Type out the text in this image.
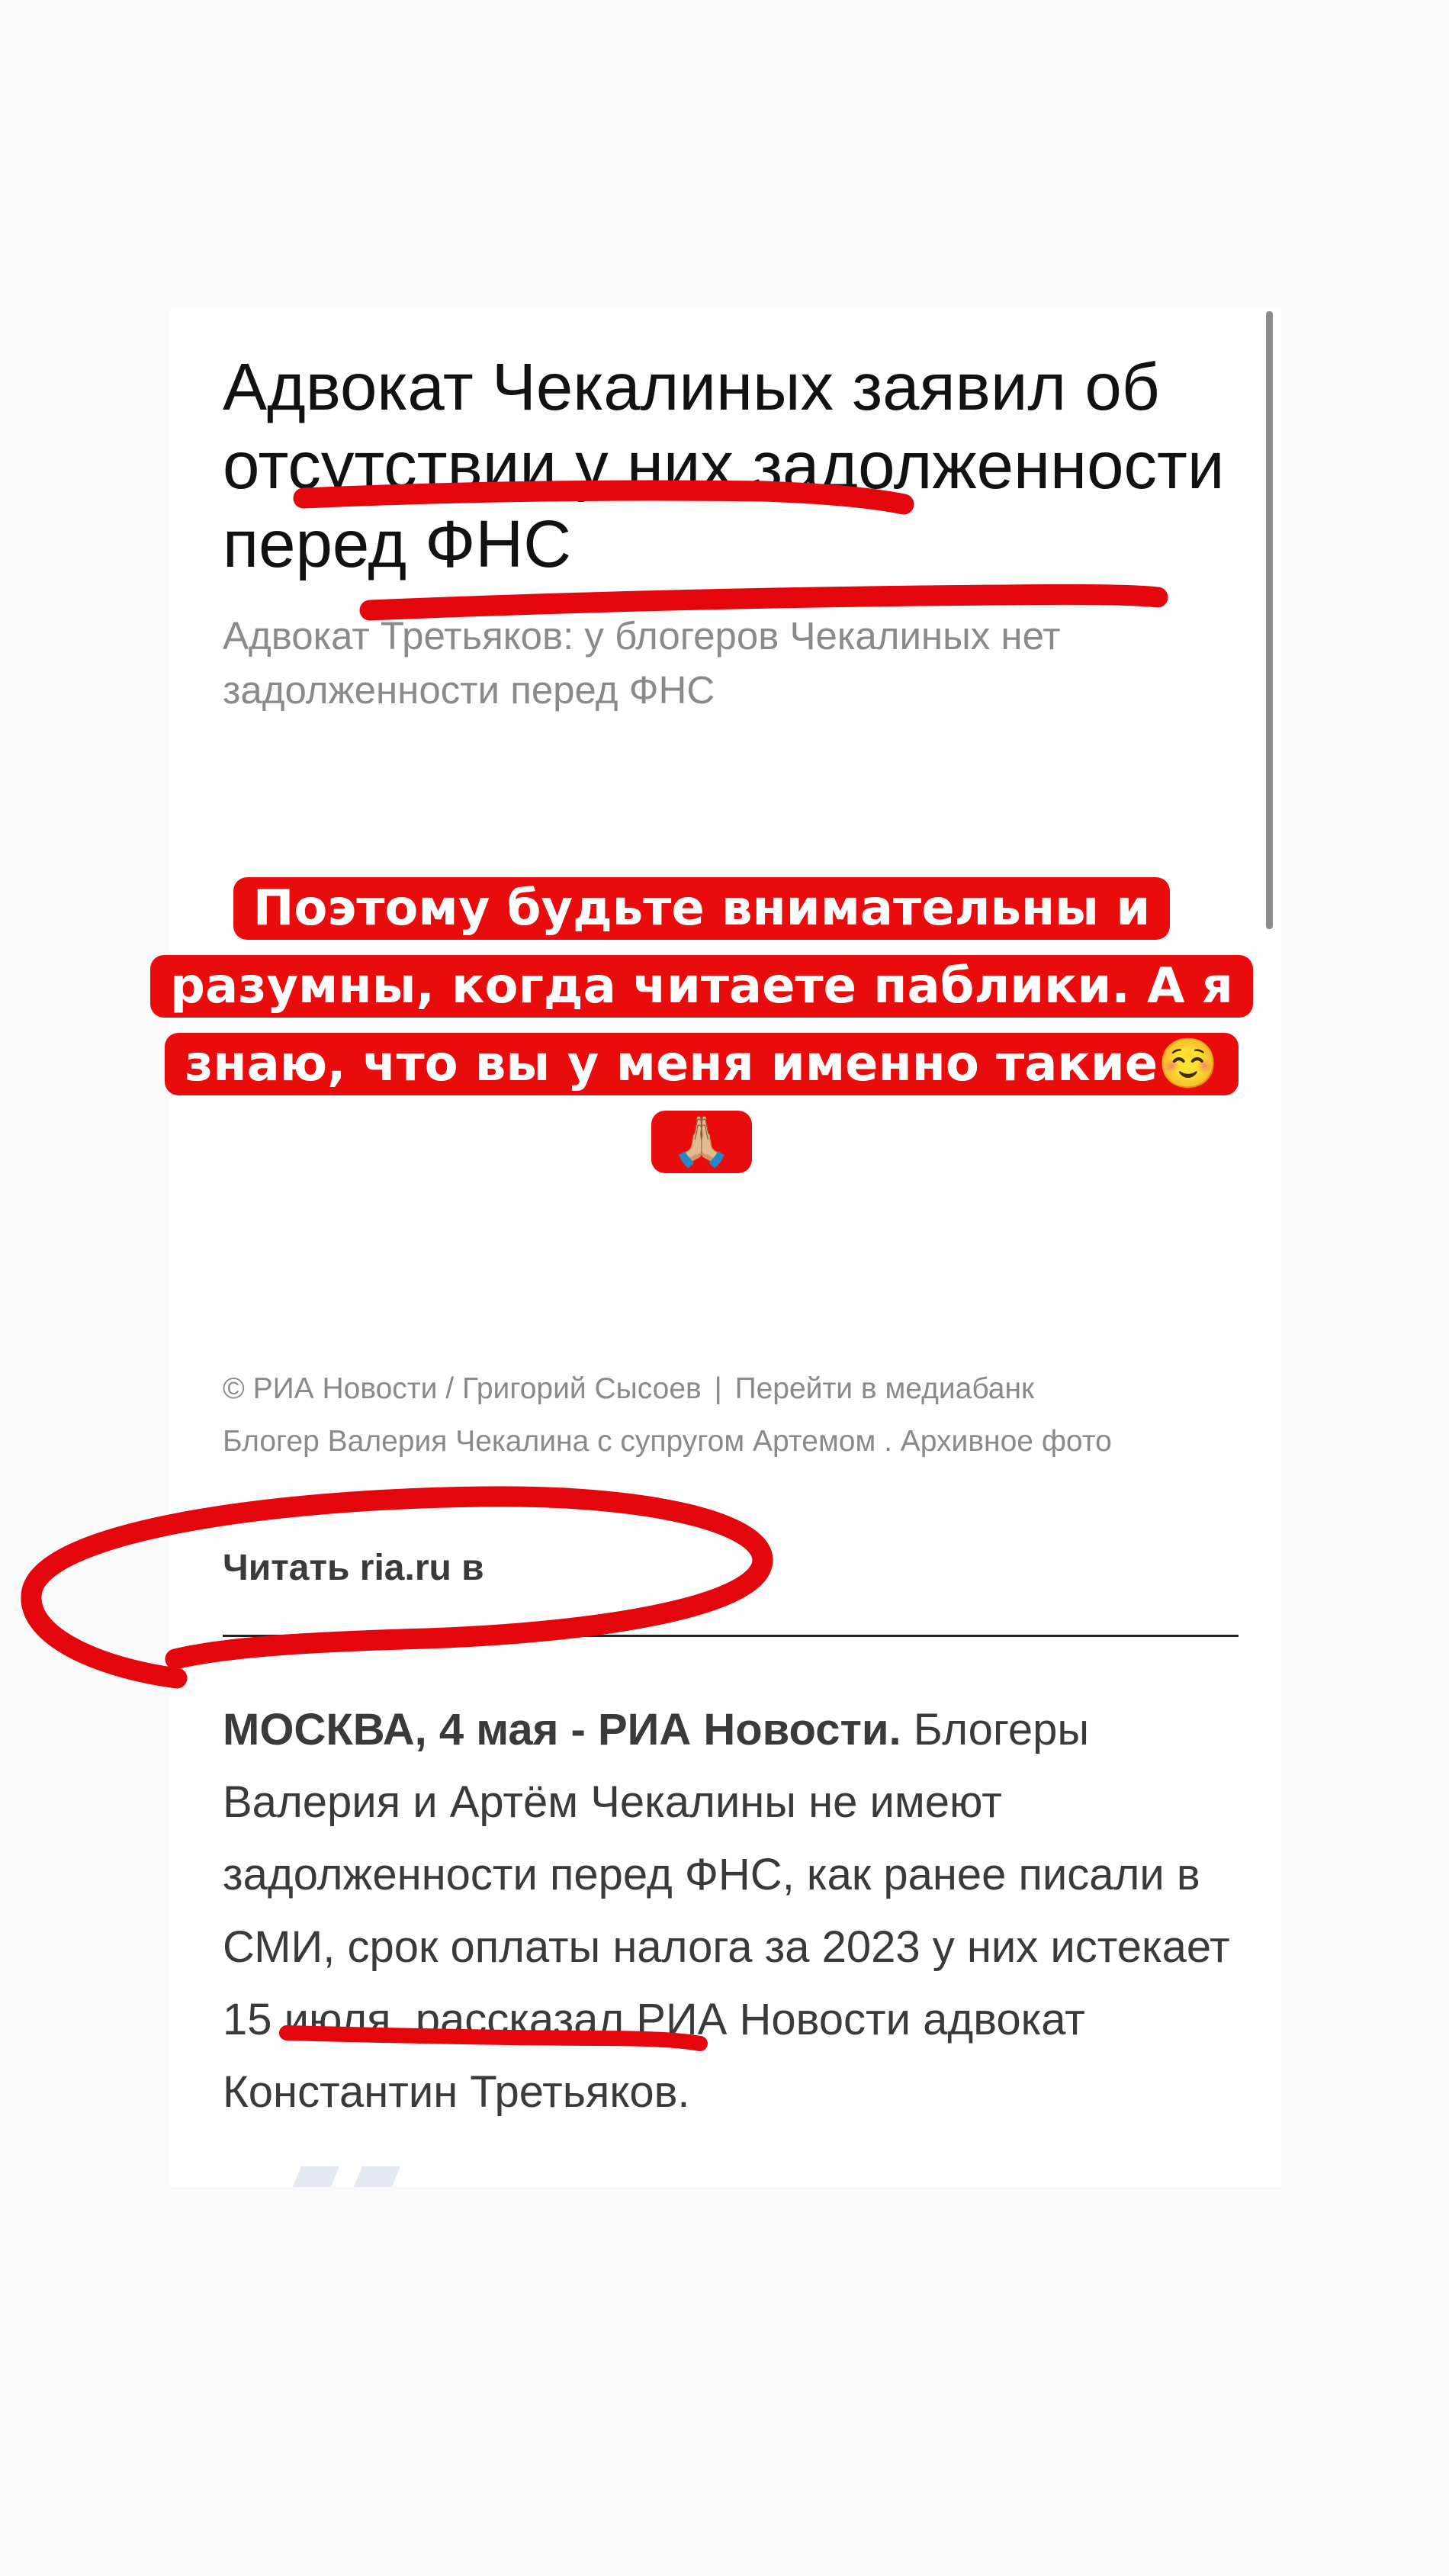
Адвокат Чекалиных заявил об отсутствии у них задолженности перед ФНС

Адвокат Третьяков: у блогеров Чекалиных нет задолженности перед ФНС

Поэтому будьте внимательны и
разумны, когда читаете паблики. А я
знаю, что вы у меня именно такие☺️
🙏🏼

© РИА Новости / Григорий Сысоев | Перейти в медиабанк

Блогер Валерия Чекалина с супругом Артемом . Архивное фото

Читать ria.ru в

МОСКВА, 4 мая - РИА Новости. Блогеры Валерия и Артём Чекалины не имеют задолженности перед ФНС, как ранее писали в СМИ, срок оплаты налога за 2023 у них истекает 15 июля, рассказал РИА Новости адвокат Константин Третьяков.
